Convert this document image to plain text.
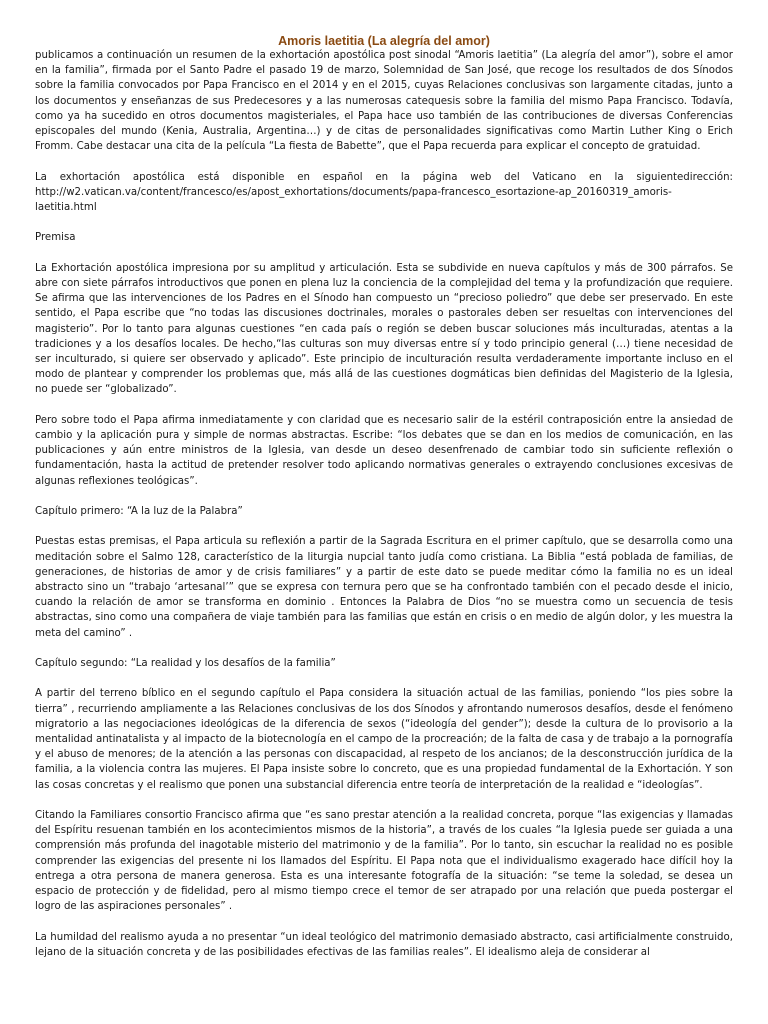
Amoris laetitia (La alegría del amor)

publicamos a continuación un resumen de la exhortación apostólica post sinodal “Amoris laetitia” (La alegría del amor”), sobre el amor en la familia”, firmada por el Santo Padre el pasado 19 de marzo, Solemnidad de San José, que recoge los resultados de dos Sínodos sobre la familia convocados por Papa Francisco en el 2014 y en el 2015, cuyas Relaciones conclusivas son largamente citadas, junto a los documentos y enseñanzas de sus Predecesores y a las numerosas catequesis sobre la familia del mismo Papa Francisco. Todavía, como ya ha sucedido en otros documentos magisteriales, el Papa hace uso también de las contribuciones de diversas Conferencias episcopales del mundo (Kenia, Australia, Argentina…) y de citas de personalidades significativas como Martin Luther King o Erich Fromm. Cabe destacar una cita de la película “La fiesta de Babette”, que el Papa recuerda para explicar el concepto de gratuidad.

La exhortación apostólica está disponible en español en la página web del Vaticano en la siguientedirección: http://w2.vatican.va/content/francesco/es/apost_exhortations/documents/papa-francesco_esortazione-ap_20160319_amoris-laetitia.html

Premisa

La Exhortación apostólica impresiona por su amplitud y articulación. Esta se subdivide en nueva capítulos y más de 300 párrafos. Se abre con siete párrafos introductivos que ponen en plena luz la conciencia de la complejidad del tema y la profundización que requiere. Se afirma que las intervenciones de los Padres en el Sínodo han compuesto un “precioso poliedro” que debe ser preservado. En este sentido, el Papa escribe que “no todas las discusiones doctrinales, morales o pastorales deben ser resueltas con intervenciones del magisterio”. Por lo tanto para algunas cuestiones “en cada país o región se deben buscar soluciones más inculturadas, atentas a la tradiciones y a los desafíos locales. De hecho,“las culturas son muy diversas entre sí y todo principio general (…) tiene necesidad de ser inculturado, si quiere ser observado y aplicado”. Este principio de inculturación resulta verdaderamente importante incluso en el modo de plantear y comprender los problemas que, más allá de las cuestiones dogmáticas bien definidas del Magisterio de la Iglesia, no puede ser “globalizado”.

Pero sobre todo el Papa afirma inmediatamente y con claridad que es necesario salir de la estéril contraposición entre la ansiedad de cambio y la aplicación pura y simple de normas abstractas. Escribe: “los debates que se dan en los medios de comunicación, en las publicaciones y aún entre ministros de la Iglesia, van desde un deseo desenfrenado de cambiar todo sin suficiente reflexión o fundamentación, hasta la actitud de pretender resolver todo aplicando normativas generales o extrayendo conclusiones excesivas de algunas reflexiones teológicas”.

Capítulo primero: “A la luz de la Palabra”

Puestas estas premisas, el Papa articula su reflexión a partir de la Sagrada Escritura en el primer capítulo, que se desarrolla como una meditación sobre el Salmo 128, característico de la liturgia nupcial tanto judía como cristiana. La Biblia “está poblada de familias, de generaciones, de historias de amor y de crisis familiares” y a partir de este dato se puede meditar cómo la familia no es un ideal abstracto sino un “trabajo ‘artesanal’” que se expresa con ternura pero que se ha confrontado también con el pecado desde el inicio, cuando la relación de amor se transforma en dominio . Entonces la Palabra de Dios “no se muestra como un secuencia de tesis abstractas, sino como una compañera de viaje también para las familias que están en crisis o en medio de algún dolor, y les muestra la meta del camino” .

Capítulo segundo: “La realidad y los desafíos de la familia”

A partir del terreno bíblico en el segundo capítulo el Papa considera la situación actual de las familias, poniendo “los pies sobre la tierra” , recurriendo ampliamente a las Relaciones conclusivas de los dos Sínodos y afrontando numerosos desafíos, desde el fenómeno migratorio a las negociaciones ideológicas de la diferencia de sexos (“ideología del gender”); desde la cultura de lo provisorio a la mentalidad antinatalista y al impacto de la biotecnología en el campo de la procreación; de la falta de casa y de trabajo a la pornografía y el abuso de menores; de la atención a las personas con discapacidad, al respeto de los ancianos; de la desconstrucción jurídica de la familia, a la violencia contra las mujeres. El Papa insiste sobre lo concreto, que es una propiedad fundamental de la Exhortación. Y son las cosas concretas y el realismo que ponen una substancial diferencia entre teoría de interpretación de la realidad e “ideologías”.

Citando la Familiares consortio Francisco afirma que “es sano prestar atención a la realidad concreta, porque “las exigencias y llamadas del Espíritu resuenan también en los acontecimientos mismos de la historia”, a través de los cuales “la Iglesia puede ser guiada a una comprensión más profunda del inagotable misterio del matrimonio y de la familia”. Por lo tanto, sin escuchar la realidad no es posible comprender las exigencias del presente ni los llamados del Espíritu. El Papa nota que el individualismo exagerado hace difícil hoy la entrega a otra persona de manera generosa. Esta es una interesante fotografía de la situación: “se teme la soledad, se desea un espacio de protección y de fidelidad, pero al mismo tiempo crece el temor de ser atrapado por una relación que pueda postergar el logro de las aspiraciones personales” .

La humildad del realismo ayuda a no presentar “un ideal teológico del matrimonio demasiado abstracto, casi artificialmente construido, lejano de la situación concreta y de las posibilidades efectivas de las familias reales”. El idealismo aleja de considerar al
